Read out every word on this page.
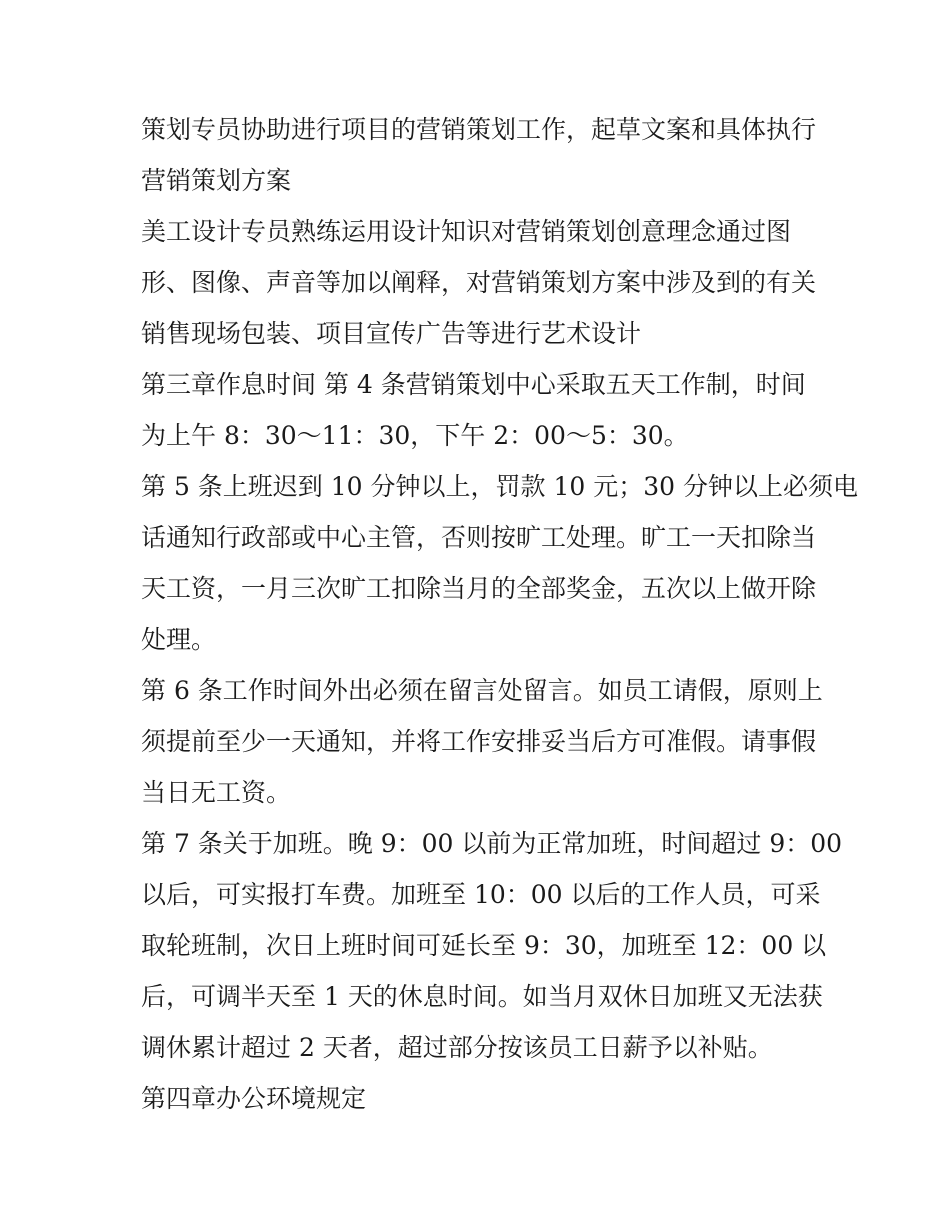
策划专员协助进行项目的营销策划工作，起草文案和具体执行
营销策划方案
美工设计专员熟练运用设计知识对营销策划创意理念通过图
形、图像、声音等加以阐释，对营销策划方案中涉及到的有关
销售现场包装、项目宣传广告等进行艺术设计
第三章作息时间 第 4 条营销策划中心采取五天工作制，时间
为上午 8：30～11：30，下午 2：00～5：30。
第 5 条上班迟到 10 分钟以上，罚款 10 元；30 分钟以上必须电
话通知行政部或中心主管，否则按旷工处理。旷工一天扣除当
天工资，一月三次旷工扣除当月的全部奖金，五次以上做开除
处理。
第 6 条工作时间外出必须在留言处留言。如员工请假，原则上
须提前至少一天通知，并将工作安排妥当后方可准假。请事假
当日无工资。
第 7 条关于加班。晚 9：00 以前为正常加班，时间超过 9：00
以后，可实报打车费。加班至 10：00 以后的工作人员，可采
取轮班制，次日上班时间可延长至 9：30，加班至 12：00 以
后，可调半天至 1 天的休息时间。如当月双休日加班又无法获
调休累计超过 2 天者，超过部分按该员工日薪予以补贴。
第四章办公环境规定
